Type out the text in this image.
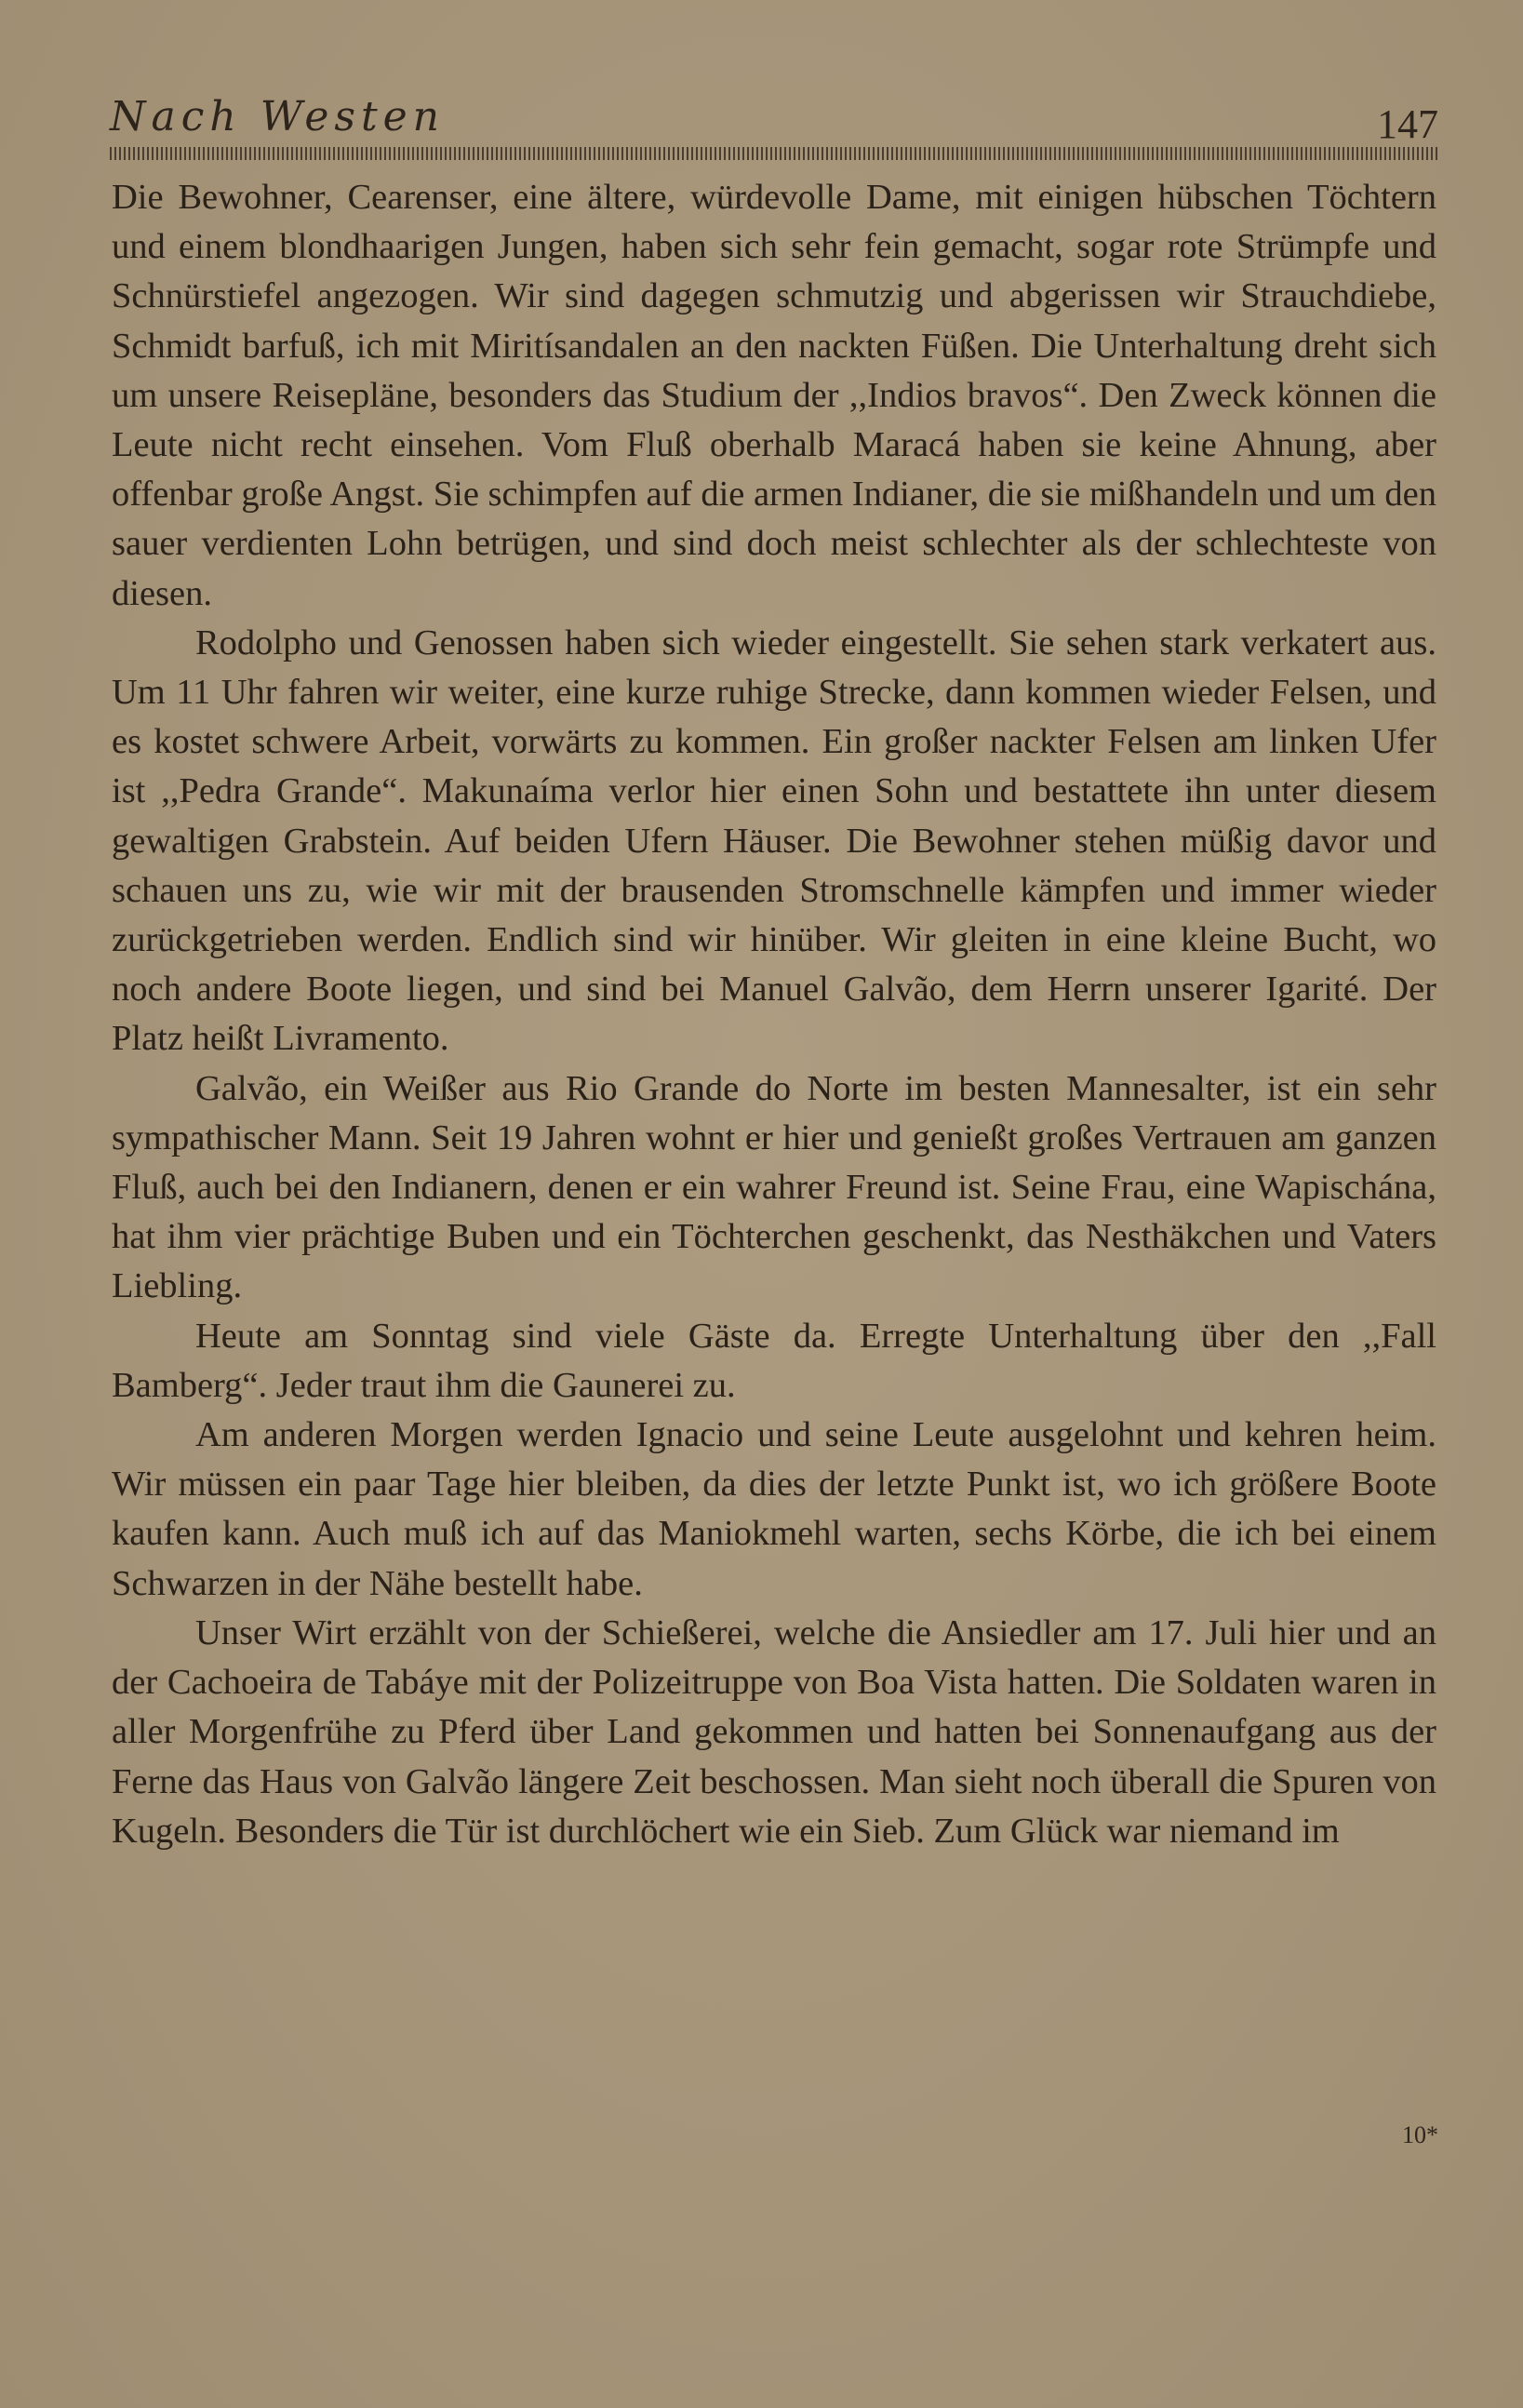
Nach Westen	147

Die Bewohner, Cearenser, eine ältere, würdevolle Dame, mit einigen hübschen Töchtern und einem blondhaarigen Jungen, haben sich sehr fein gemacht, sogar rote Strümpfe und Schnürstiefel angezogen. Wir sind dagegen schmutzig und abgerissen wir Strauchdiebe, Schmidt barfuß, ich mit Miritísandalen an den nackten Füßen. Die Unterhaltung dreht sich um unsere Reisepläne, besonders das Studium der ,,Indios bravos“. Den Zweck können die Leute nicht recht einsehen. Vom Fluß oberhalb Maracá haben sie keine Ahnung, aber offenbar große Angst. Sie schimpfen auf die armen Indianer, die sie mißhandeln und um den sauer verdienten Lohn betrügen, und sind doch meist schlechter als der schlechteste von diesen.

Rodolpho und Genossen haben sich wieder eingestellt. Sie sehen stark verkatert aus. Um 11 Uhr fahren wir weiter, eine kurze ruhige Strecke, dann kommen wieder Felsen, und es kostet schwere Arbeit, vorwärts zu kommen. Ein großer nackter Felsen am linken Ufer ist ,,Pedra Grande“. Makunaíma verlor hier einen Sohn und bestattete ihn unter diesem gewaltigen Grabstein. Auf beiden Ufern Häuser. Die Bewohner stehen müßig davor und schauen uns zu, wie wir mit der brausenden Stromschnelle kämpfen und immer wieder zurückgetrieben werden. Endlich sind wir hinüber. Wir gleiten in eine kleine Bucht, wo noch andere Boote liegen, und sind bei Manuel Galvão, dem Herrn unserer Igarité. Der Platz heißt Livramento.

Galvão, ein Weißer aus Rio Grande do Norte im besten Mannesalter, ist ein sehr sympathischer Mann. Seit 19 Jahren wohnt er hier und genießt großes Vertrauen am ganzen Fluß, auch bei den Indianern, denen er ein wahrer Freund ist. Seine Frau, eine Wapischána, hat ihm vier prächtige Buben und ein Töchterchen geschenkt, das Nesthäkchen und Vaters Liebling.

Heute am Sonntag sind viele Gäste da. Erregte Unterhaltung über den ,,Fall Bamberg“. Jeder traut ihm die Gaunerei zu.

Am anderen Morgen werden Ignacio und seine Leute ausgelohnt und kehren heim. Wir müssen ein paar Tage hier bleiben, da dies der letzte Punkt ist, wo ich größere Boote kaufen kann. Auch muß ich auf das Maniokmehl warten, sechs Körbe, die ich bei einem Schwarzen in der Nähe bestellt habe.

Unser Wirt erzählt von der Schießerei, welche die Ansiedler am 17. Juli hier und an der Cachoeira de Tabáye mit der Polizeitruppe von Boa Vista hatten. Die Soldaten waren in aller Morgenfrühe zu Pferd über Land gekommen und hatten bei Sonnenaufgang aus der Ferne das Haus von Galvão längere Zeit beschossen. Man sieht noch überall die Spuren von Kugeln. Besonders die Tür ist durchlöchert wie ein Sieb. Zum Glück war niemand im

10*
